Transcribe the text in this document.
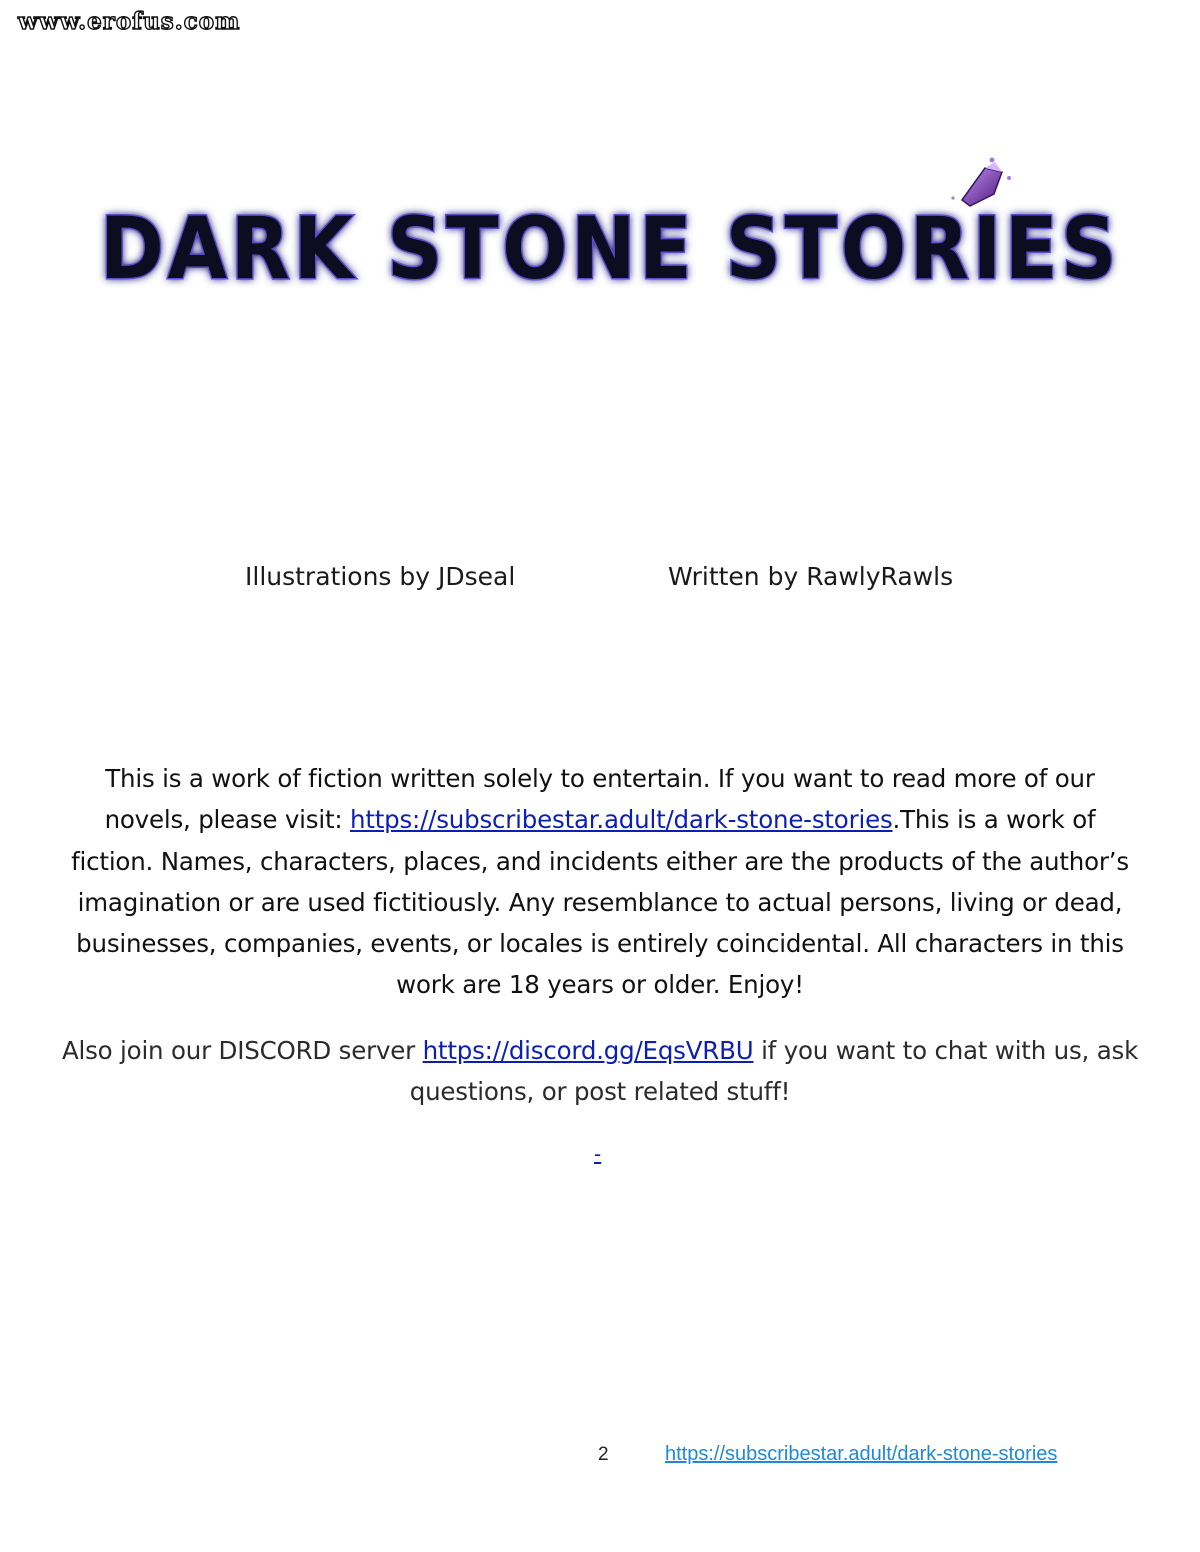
www.erofus.com
DARK STONE STORIES
Illustrations by JDseal	Written by RawlyRawls
This is a work of fiction written solely to entertain. If you want to read more of our novels, please visit: https://subscribestar.adult/dark-stone-stories.This is a work of fiction. Names, characters, places, and incidents either are the products of the author’s imagination or are used fictitiously. Any resemblance to actual persons, living or dead, businesses, companies, events, or locales is entirely coincidental. All characters in this work are 18 years or older. Enjoy!
Also join our DISCORD server https://discord.gg/EqsVRBU if you want to chat with us, ask questions, or post related stuff!
-
2	https://subscribestar.adult/dark-stone-stories
